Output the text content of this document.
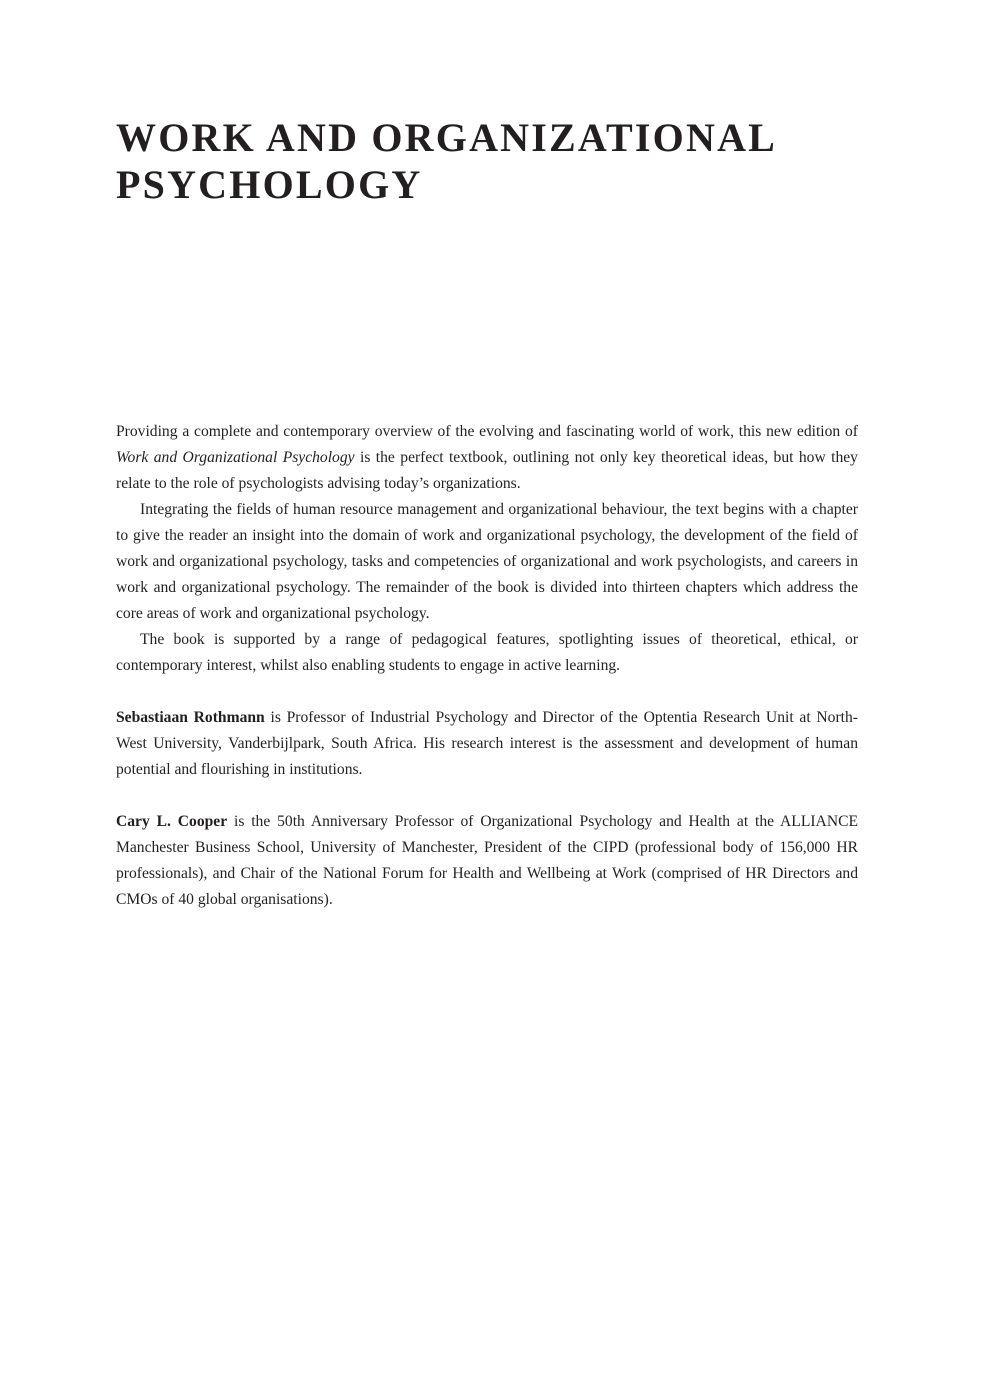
WORK AND ORGANIZATIONAL
PSYCHOLOGY

Providing a complete and contemporary overview of the evolving and fascinating world of work, this new edition of Work and Organizational Psychology is the perfect textbook, outlining not only key theoretical ideas, but how they relate to the role of psychologists advising today’s organizations.

Integrating the fields of human resource management and organizational behaviour, the text begins with a chapter to give the reader an insight into the domain of work and organizational psychology, the development of the field of work and organizational psychology, tasks and competencies of organizational and work psychologists, and careers in work and organizational psychology. The remainder of the book is divided into thirteen chapters which address the core areas of work and organizational psychology.

The book is supported by a range of pedagogical features, spotlighting issues of theoretical, ethical, or contemporary interest, whilst also enabling students to engage in active learning.

Sebastiaan Rothmann is Professor of Industrial Psychology and Director of the Optentia Research Unit at North-West University, Vanderbijlpark, South Africa. His research interest is the assessment and development of human potential and flourishing in institutions.

Cary L. Cooper is the 50th Anniversary Professor of Organizational Psychology and Health at the ALLIANCE Manchester Business School, University of Manchester, President of the CIPD (professional body of 156,000 HR professionals), and Chair of the National Forum for Health and Wellbeing at Work (comprised of HR Directors and CMOs of 40 global organisations).
